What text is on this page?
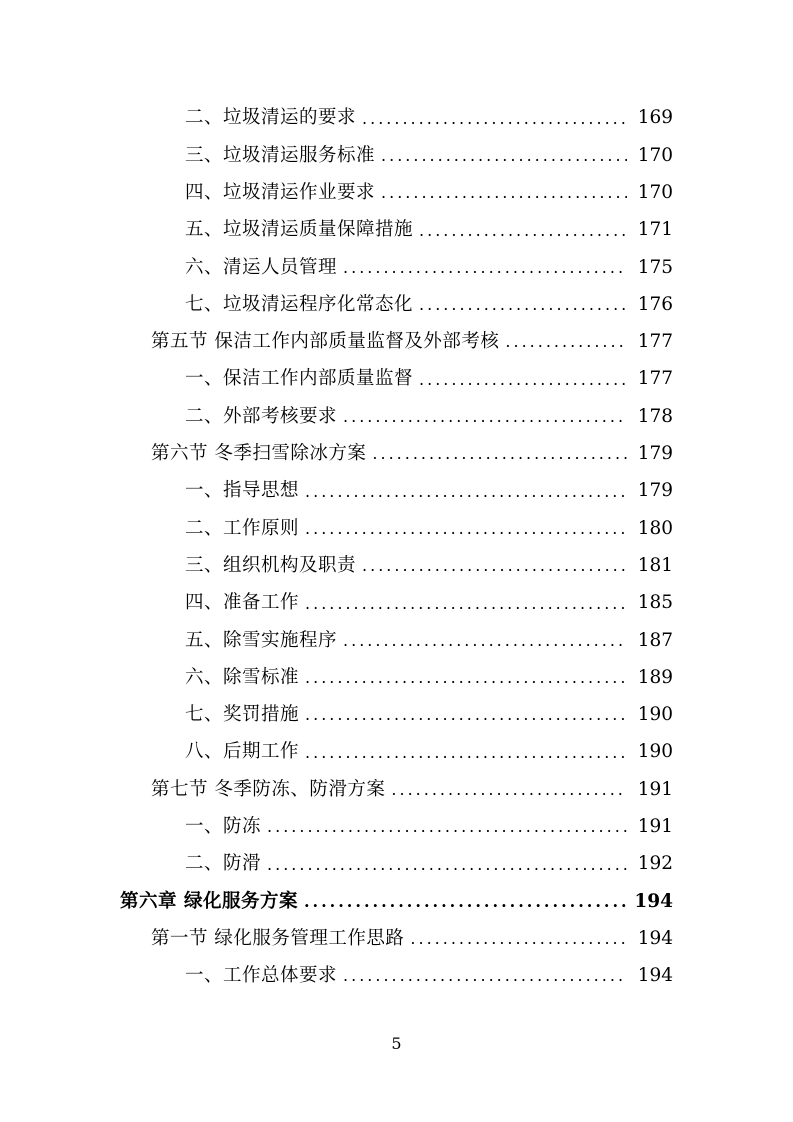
二、垃圾清运的要求 .....	169
三、垃圾清运服务标准 .....	170
四、垃圾清运作业要求 .....	170
五、垃圾清运质量保障措施 .....	171
六、清运人员管理 .....	175
七、垃圾清运程序化常态化 .....	176
第五节 保洁工作内部质量监督及外部考核 .....	177
一、保洁工作内部质量监督 .....	177
二、外部考核要求 .....	178
第六节 冬季扫雪除冰方案 .....	179
一、指导思想 .....	179
二、工作原则 .....	180
三、组织机构及职责 .....	181
四、准备工作 .....	185
五、除雪实施程序 .....	187
六、除雪标准 .....	189
七、奖罚措施 .....	190
八、后期工作 .....	190
第七节 冬季防冻、防滑方案 .....	191
一、防冻 .....	191
二、防滑 .....	192
第六章 绿化服务方案 .....	194
第一节 绿化服务管理工作思路 .....	194
一、工作总体要求 .....	194
5
